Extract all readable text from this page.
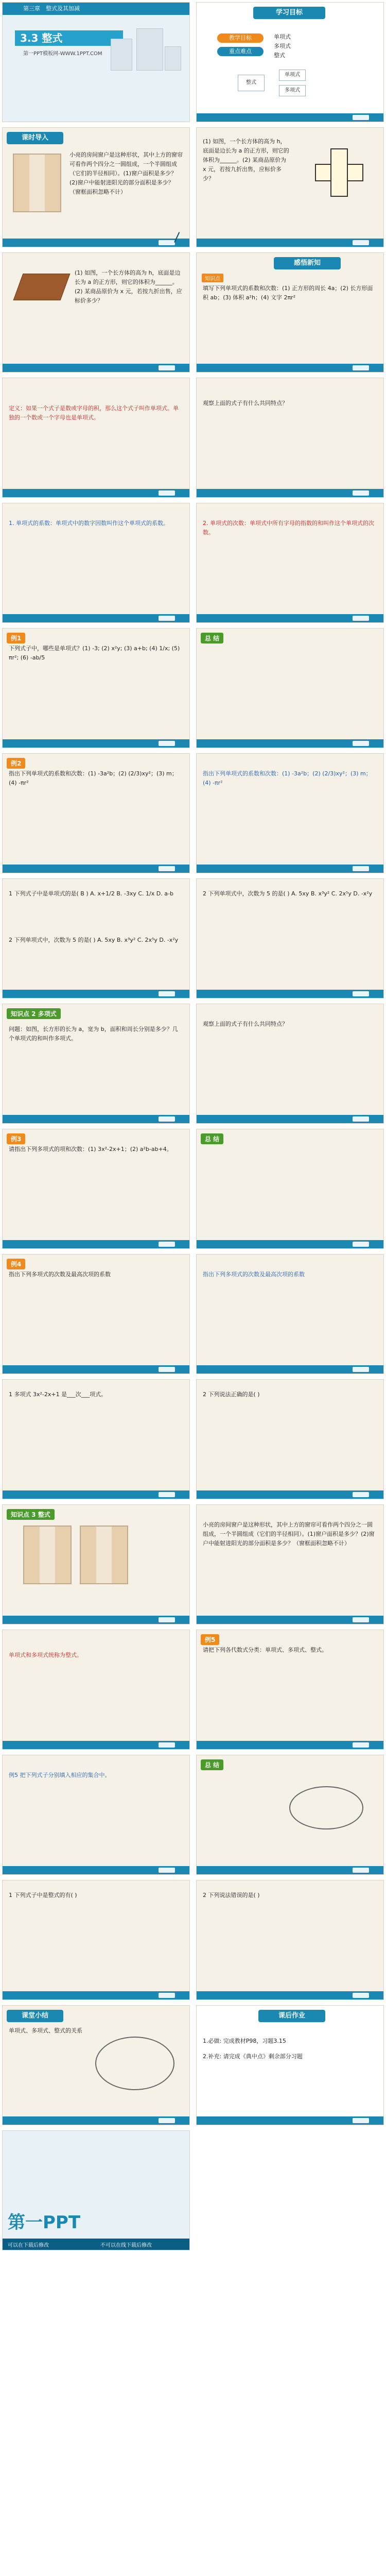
第三章　整式及其加减
3.3 整式
第一PPT模板网-WWW.1PPT.COM
学习目标
教学目标
重点难点
单项式
多项式
整式
整式
单项式
多项式
课时导入
小亮的房间窗户是这种形状，其中上方的窗帘可看作两个四分之一圆组成，一个半圆组成（它们的半径相同）。(1)窗户面积是多少？(2)窗户中能射进阳光的部分面积是多少？（窗框面积忽略不计）
(1) 如图，一个长方体的高为 h，底面是边长为 a 的正方形，则它的体积为______。(2) 某商品原价为 x 元，若按九折出售，应标价多少？
(1) 如图，一个长方体的高为 h，底面是边长为 a 的正方形，则它的体积为______。(2) 某商品原价为 x 元，若按九折出售，应标价多少？
感悟新知
知识点
填写下列单项式的系数和次数：(1) 正方形的周长 4a；(2) 长方形面积 ab；(3) 体积 a²h；(4) 文字 2πr²
定义：如果一个式子是数或字母的积，那么这个式子叫作单项式。单独的一个数或一个字母也是单项式。
观察上面的式子有什么共同特点？
1. 单项式的系数：单项式中的数字因数叫作这个单项式的系数。	2. 单项式的次数：单项式中所有字母的指数的和叫作这个单项式的次数。
例1
下列式子中，哪些是单项式？(1) -3; (2) x²y; (3) a+b; (4) 1/x; (5) πr²; (6) -ab/5
总 结
例2
指出下列单项式的系数和次数：(1) -3a²b；(2) (2/3)xy²；(3) m；(4) -πr²
指出下列单项式的系数和次数：(1) -3a²b；(2) (2/3)xy²；(3) m；(4) -πr²
1 下列式子中是单项式的是( B ) A. x+1/2 B. -3xy C. 1/x D. a-b
2 下列单项式中，次数为 5 的是( ) A. 5xy B. x³y² C. 2x⁵y D. -x²y
2 下列单项式中，次数为 5 的是( ) A. 5xy B. x³y² C. 2x⁵y D. -x²y
知识点 2 多项式
问题：如图，长方形的长为 a，宽为 b，面积和周长分别是多少？几个单项式的和叫作多项式。
观察上面的式子有什么共同特点？
例3
请指出下列多项式的项和次数：(1) 3x²-2x+1；(2) a²b-ab+4。
总 结
例4
指出下列多项式的次数及最高次项的系数	指出下列多项式的次数及最高次项的系数
1 多项式 3x²-2x+1 是___次___项式。	2 下列说法正确的是( )
知识点 3 整式
小亮的房间窗户是这种形状，其中上方的窗帘可看作两个四分之一圆组成，一个半圆组成（它们的半径相同）。(1)窗户面积是多少？(2)窗户中能射进阳光的部分面积是多少？（窗框面积忽略不计）
单项式和多项式统称为整式。
例5
请把下列各代数式分类：单项式、多项式、整式。
例5 把下列式子分别填入相应的集合中。
总 结
1 下列式子中是整式的有( )	2 下列说法错误的是( )
课堂小结
单项式、多项式、整式的关系
课后作业
1.必做: 完成教材P98，习题3.15
2.补充: 请完成《典中点》剩余部分习题
第一PPT
可以在下载后修改	不可以在线下载后修改
